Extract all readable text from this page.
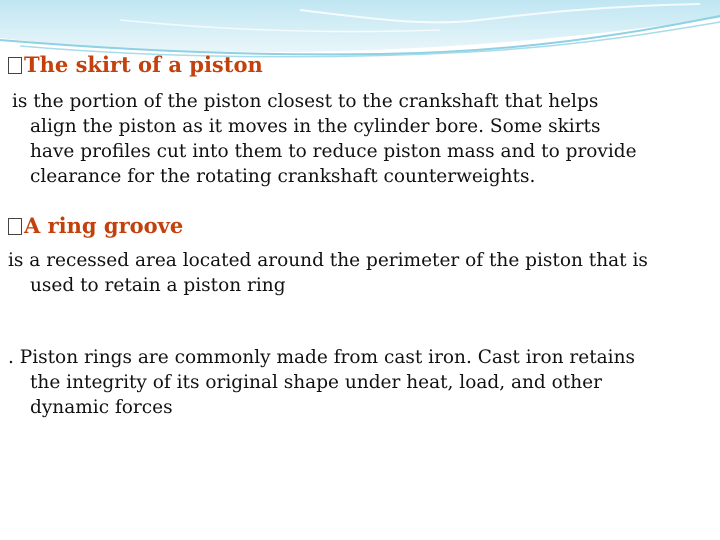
The skirt of a piston
is the portion of the piston closest to the crankshaft that helps
align the piston as it moves in the cylinder bore. Some skirts
have profiles cut into them to reduce piston mass and to provide
clearance for the rotating crankshaft counterweights.
A ring groove
is a recessed area located around the perimeter of the piston that is
used to retain a piston ring
. Piston rings are commonly made from cast iron. Cast iron retains
the integrity of its original shape under heat, load, and other
dynamic forces
